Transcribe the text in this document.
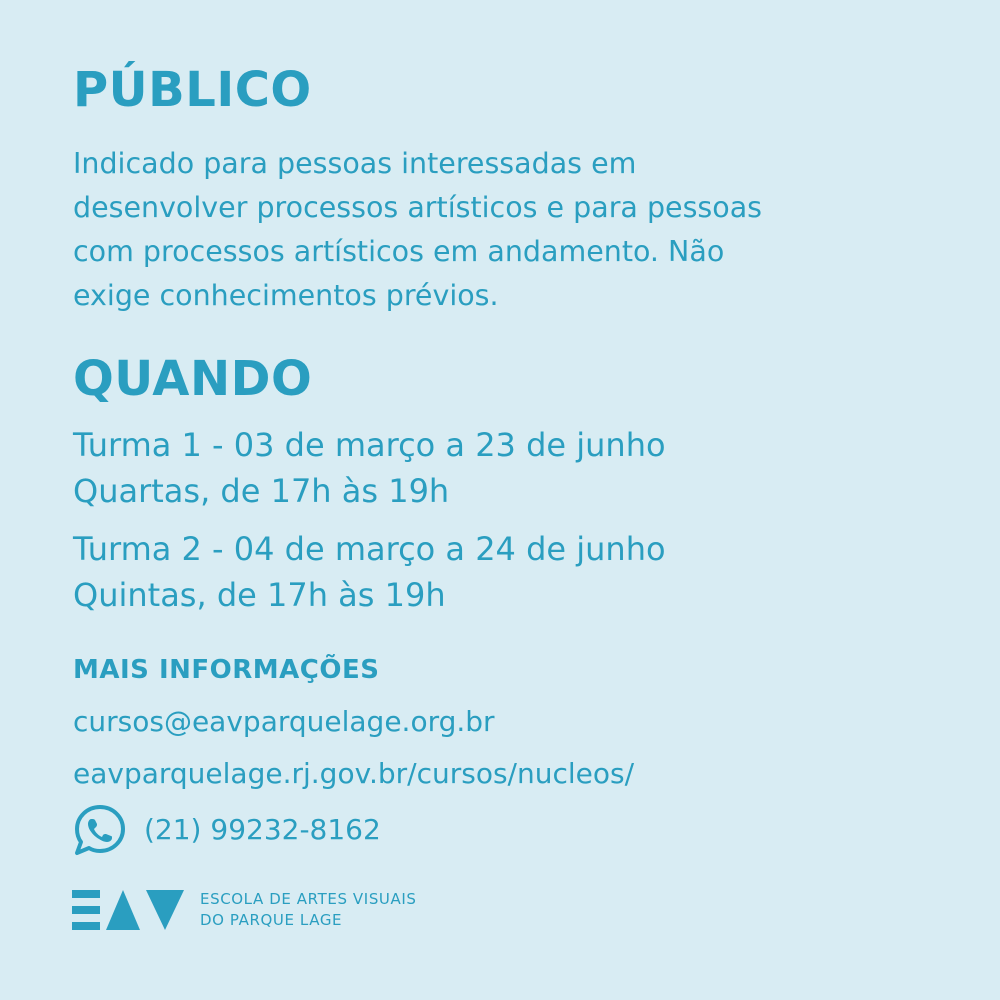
PÚBLICO
Indicado para pessoas interessadas em
desenvolver processos artísticos e para pessoas
com processos artísticos em andamento. Não
exige conhecimentos prévios.
QUANDO
Turma 1 - 03 de março a 23 de junho
Quartas, de 17h às 19h
Turma 2 - 04 de março a 24 de junho
Quintas, de 17h às 19h
MAIS INFORMAÇÕES
cursos@eavparquelage.org.br
eavparquelage.rj.gov.br/cursos/nucleos/
(21) 99232-8162
ESCOLA DE ARTES VISUAIS
DO PARQUE LAGE
